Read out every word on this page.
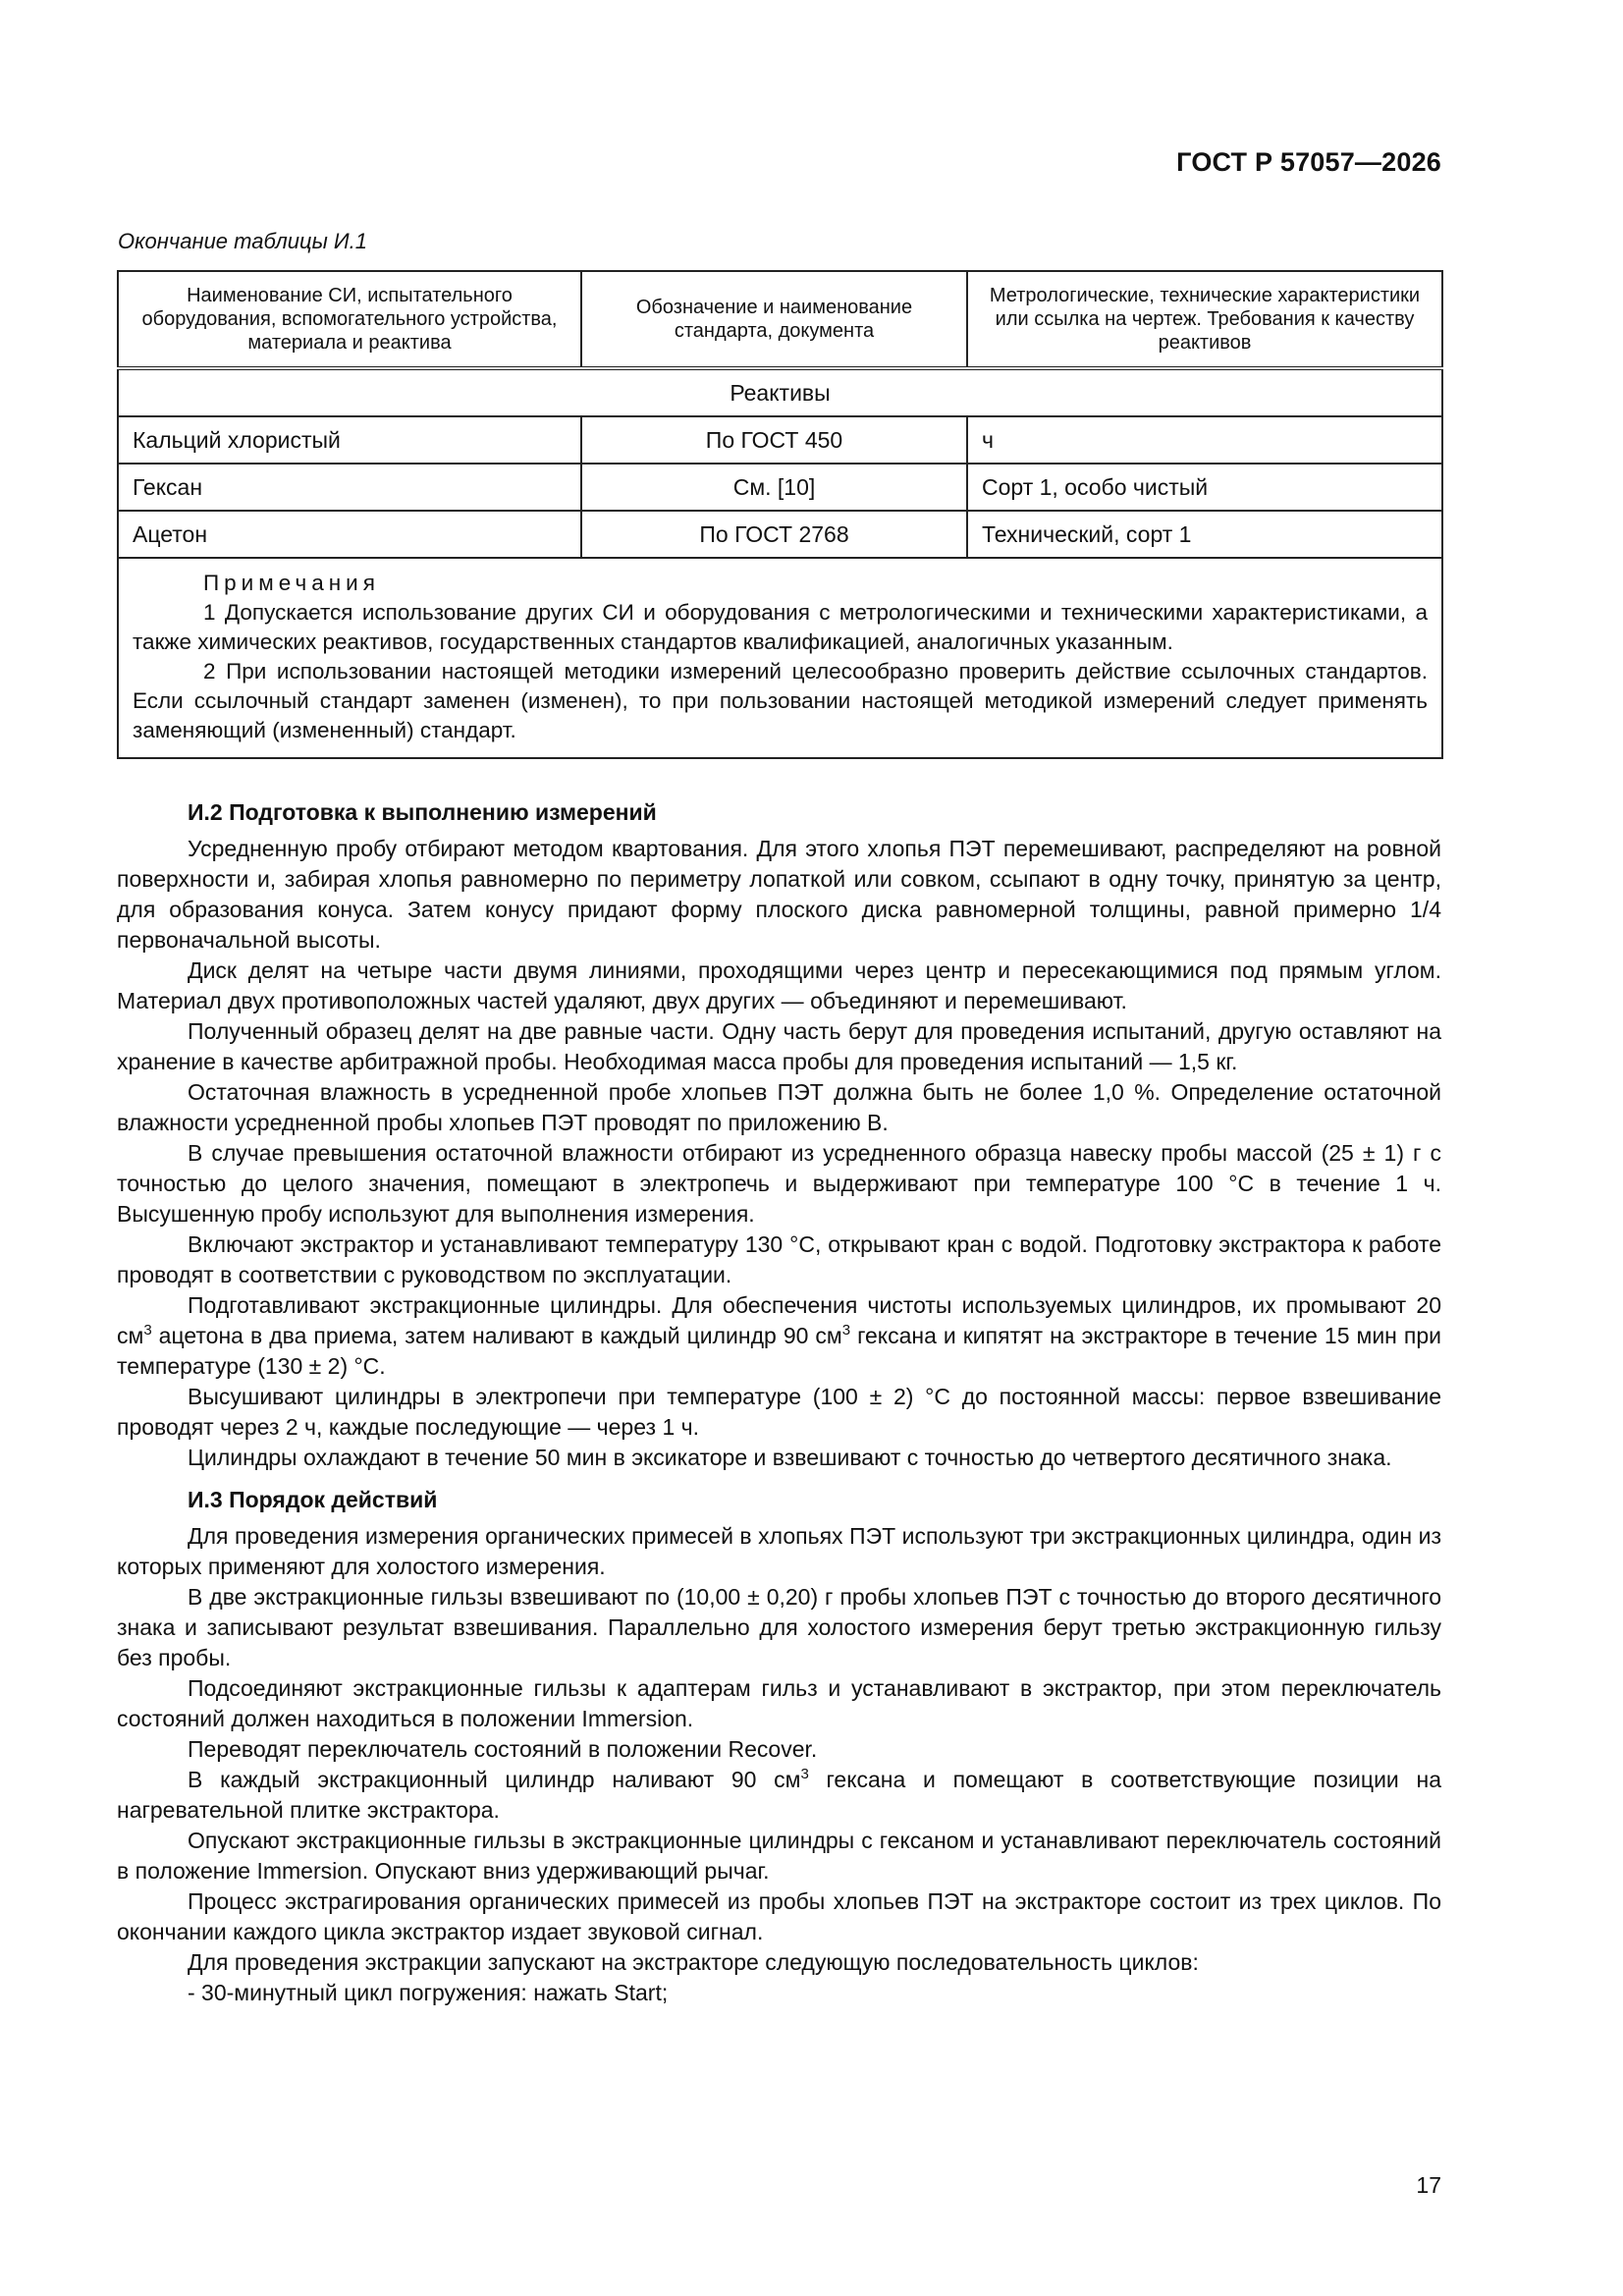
ГОСТ Р 57057—2026
Окончание таблицы И.1
Наименование СИ, испытательного оборудования, вспомогательного устройства, материала и реактива	Обозначение и наименование стандарта, документа	Метрологические, технические характеристики или ссылка на чертеж. Требования к качеству реактивов
Реактивы		
Кальций хлористый	По ГОСТ 450	ч
Гексан	См. [10]	Сорт 1, особо чистый
Ацетон	По ГОСТ 2768	Технический, сорт 1

Примечания
1 Допускается использование других СИ и оборудования с метрологическими и техническими характеристиками, а также химических реактивов, государственных стандартов квалификацией, аналогичных указанным.
2 При использовании настоящей методики измерений целесообразно проверить действие ссылочных стандартов. Если ссылочный стандарт заменен (изменен), то при пользовании настоящей методикой измерений следует применять заменяющий (измененный) стандарт.		
И.2 Подготовка к выполнению измерений

Усредненную пробу отбирают методом квартования. Для этого хлопья ПЭТ перемешивают, распределяют на ровной поверхности и, забирая хлопья равномерно по периметру лопаткой или совком, ссыпают в одну точку, принятую за центр, для образования конуса. Затем конусу придают форму плоского диска равномерной толщины, равной примерно 1/4 первоначальной высоты.

Диск делят на четыре части двумя линиями, проходящими через центр и пересекающимися под прямым углом. Материал двух противоположных частей удаляют, двух других — объединяют и перемешивают.

Полученный образец делят на две равные части. Одну часть берут для проведения испытаний, другую оставляют на хранение в качестве арбитражной пробы. Необходимая масса пробы для проведения испытаний — 1,5 кг.

Остаточная влажность в усредненной пробе хлопьев ПЭТ должна быть не более 1,0 %. Определение остаточной влажности усредненной пробы хлопьев ПЭТ проводят по приложению В.

В случае превышения остаточной влажности отбирают из усредненного образца навеску пробы массой (25 ± 1) г с точностью до целого значения, помещают в электропечь и выдерживают при температуре 100 °С в течение 1 ч. Высушенную пробу используют для выполнения измерения.

Включают экстрактор и устанавливают температуру 130 °С, открывают кран с водой. Подготовку экстрактора к работе проводят в соответствии с руководством по эксплуатации.

Подготавливают экстракционные цилиндры. Для обеспечения чистоты используемых цилиндров, их промывают 20 $см^3$ ацетона в два приема, затем наливают в каждый цилиндр 90 $см^3$ гексана и кипятят на экстракторе в течение 15 мин при температуре (130 ± 2) °С.

Высушивают цилиндры в электропечи при температуре (100 ± 2) °С до постоянной массы: первое взвешивание проводят через 2 ч, каждые последующие — через 1 ч.

Цилиндры охлаждают в течение 50 мин в эксикаторе и взвешивают с точностью до четвертого десятичного знака.

И.3 Порядок действий

Для проведения измерения органических примесей в хлопьях ПЭТ используют три экстракционных цилиндра, один из которых применяют для холостого измерения.

В две экстракционные гильзы взвешивают по (10,00 ± 0,20) г пробы хлопьев ПЭТ с точностью до второго десятичного знака и записывают результат взвешивания. Параллельно для холостого измерения берут третью экстракционную гильзу без пробы.

Подсоединяют экстракционные гильзы к адаптерам гильз и устанавливают в экстрактор, при этом переключатель состояний должен находиться в положении Immersion.

Переводят переключатель состояний в положении Recover.

В каждый экстракционный цилиндр наливают 90 $см^3$ гексана и помещают в соответствующие позиции на нагревательной плитке экстрактора.

Опускают экстракционные гильзы в экстракционные цилиндры с гексаном и устанавливают переключатель состояний в положение Immersion. Опускают вниз удерживающий рычаг.

Процесс экстрагирования органических примесей из пробы хлопьев ПЭТ на экстракторе состоит из трех циклов. По окончании каждого цикла экстрактор издает звуковой сигнал.

Для проведения экстракции запускают на экстракторе следующую последовательность циклов:

- 30-минутный цикл погружения: нажать Start;

17
